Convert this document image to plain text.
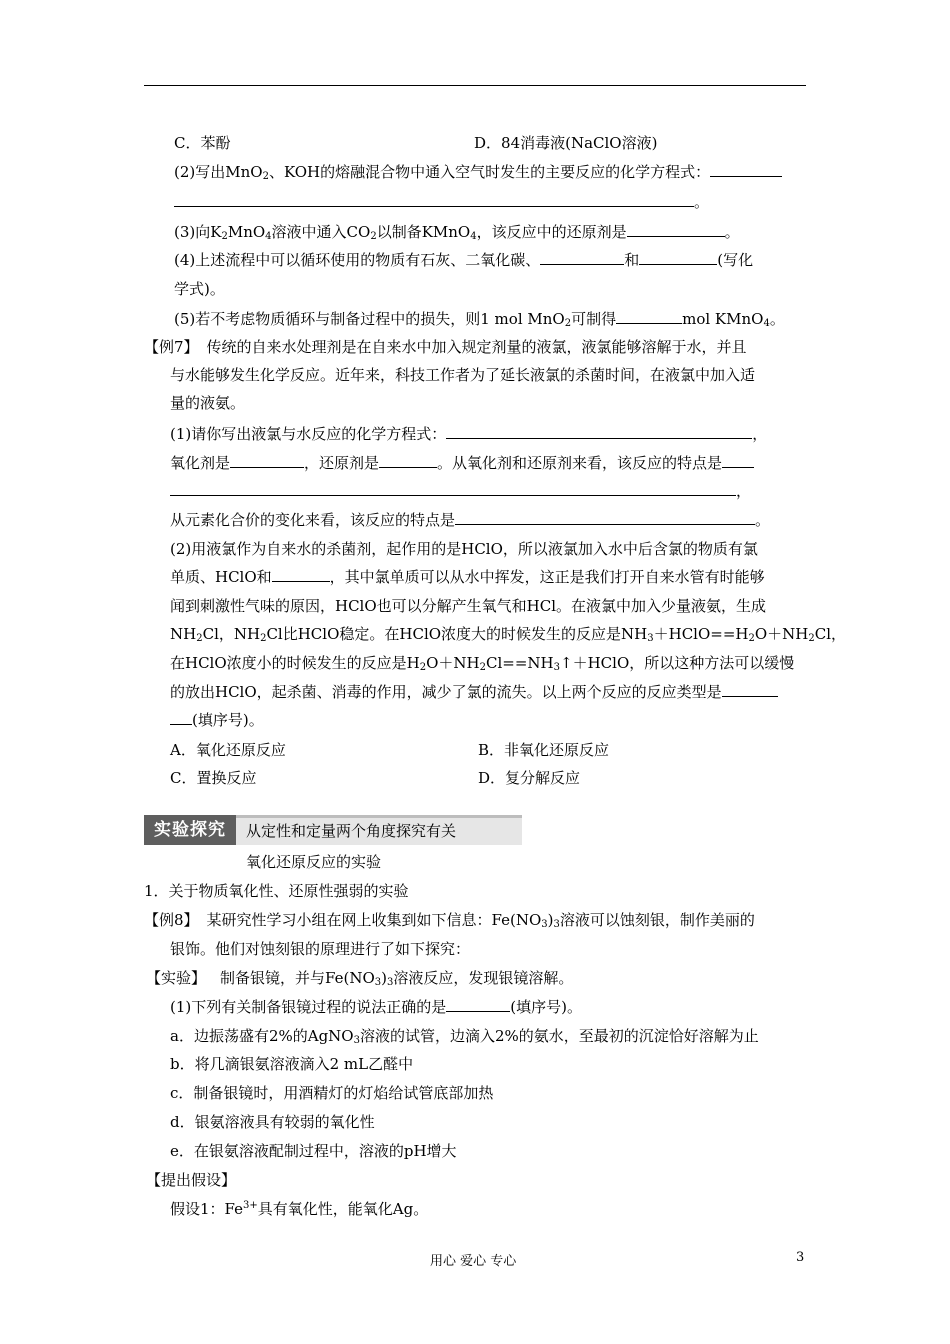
C．苯酚	D．84消毒液(NaClO溶液)
(2)写出MnO$_2$、KOH的熔融混合物中通入空气时发生的主要反应的化学方程式：
。
(3)向$K_2MnO_4$溶液中通入$CO_2$以制备KMnO$_4$，该反应中的还原剂是	。
(4)上述流程中可以循环使用的物质有石灰、二氧化碳、	和	(写化
学式)。
(5)若不考虑物质循环与制备过程中的损失，则1 mol MnO$_2$可制得	mol KMnO$_4$。
【例7】 传统的自来水处理剂是在自来水中加入规定剂量的液氯，液氯能够溶解于水，并且
与水能够发生化学反应。近年来，科技工作者为了延长液氯的杀菌时间，在液氯中加入适
量的液氨。
(1)请你写出液氯与水反应的化学方程式：	，
氧化剂是	，还原剂是	。从氧化剂和还原剂来看，该反应的特点是
，
从元素化合价的变化来看，该反应的特点是	。
(2)用液氯作为自来水的杀菌剂，起作用的是HClO，所以液氯加入水中后含氯的物质有氯
单质、HClO和	，其中氯单质可以从水中挥发，这正是我们打开自来水管有时能够
闻到刺激性气味的原因，HClO也可以分解产生氧气和HCl。在液氯中加入少量液氨，生成
$NH_2Cl$，$NH_2Cl$比HClO稳定。在HClO浓度大的时候发生的反应是$NH_3+HClO==H_2O+NH_2Cl$，
在HClO浓度小的时候发生的反应是$H_2O+NH_2Cl==NH_3↑+HClO$，所以这种方法可以缓慢
的放出HClO，起杀菌、消毒的作用，减少了氯的流失。以上两个反应的反应类型是
(填序号)。
A．氧化还原反应	B．非氧化还原反应
C．置换反应	D．复分解反应
实验探究	从定性和定量两个角度探究有关
氧化还原反应的实验
1．关于物质氧化性、还原性强弱的实验
【例8】 某研究性学习小组在网上收集到如下信息：$Fe(NO_3)_3$溶液可以蚀刻银，制作美丽的
银饰。他们对蚀刻银的原理进行了如下探究：
【实验】 制备银镜，并与$Fe(NO_3)_3$溶液反应，发现银镜溶解。
(1)下列有关制备银镜过程的说法正确的是	(填序号)。
a．边振荡盛有2%的AgNO$_3$溶液的试管，边滴入2%的氨水，至最初的沉淀恰好溶解为止
b．将几滴银氨溶液滴入2 mL乙醛中
c．制备银镜时，用酒精灯的灯焰给试管底部加热
d．银氨溶液具有较弱的氧化性
e．在银氨溶液配制过程中，溶液的pH增大
【提出假设】
假设1：$Fe^{3+}$具有氧化性，能氧化Ag。
用心 爱心 专心	3
